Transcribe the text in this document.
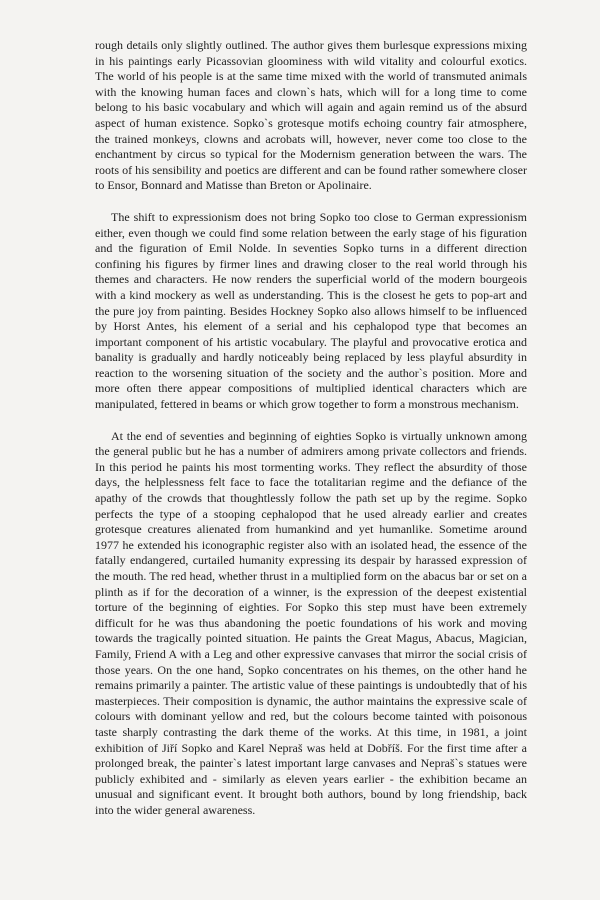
rough details only slightly outlined. The author gives them burlesque expressions mixing in his paintings early Picassovian gloominess with wild vitality and colourful exotics. The world of his people is at the same time mixed with the world of transmuted animals with the knowing human faces and clown`s hats, which will for a long time to come belong to his basic vocabulary and which will again and again remind us of the absurd aspect of human existence. Sopko`s grotesque motifs echoing country fair atmosphere, the trained monkeys, clowns and acrobats will, however, never come too close to the enchantment by circus so typical for the Modernism generation between the wars. The roots of his sensibility and poetics are different and can be found rather somewhere closer to Ensor, Bonnard and Matisse than Breton or Apolinaire.

The shift to expressionism does not bring Sopko too close to German expressionism either, even though we could find some relation between the early stage of his figuration and the figuration of Emil Nolde. In seventies Sopko turns in a different direction confining his figures by firmer lines and drawing closer to the real world through his themes and characters. He now renders the superficial world of the modern bourgeois with a kind mockery as well as understanding. This is the closest he gets to pop-art and the pure joy from painting. Besides Hockney Sopko also allows himself to be influenced by Horst Antes, his element of a serial and his cephalopod type that becomes an important component of his artistic vocabulary. The playful and provocative erotica and banality is gradually and hardly noticeably being replaced by less playful absurdity in reaction to the worsening situation of the society and the author`s position. More and more often there appear compositions of multiplied identical characters which are manipulated, fettered in beams or which grow together to form a monstrous mechanism.

At the end of seventies and beginning of eighties Sopko is virtually unknown among the general public but he has a number of admirers among private collectors and friends. In this period he paints his most tormenting works. They reflect the absurdity of those days, the helplessness felt face to face the totalitarian regime and the defiance of the apathy of the crowds that thoughtlessly follow the path set up by the regime. Sopko perfects the type of a stooping cephalopod that he used already earlier and creates grotesque creatures alienated from humankind and yet humanlike. Sometime around 1977 he extended his iconographic register also with an isolated head, the essence of the fatally endangered, curtailed humanity expressing its despair by harassed expression of the mouth. The red head, whether thrust in a multiplied form on the abacus bar or set on a plinth as if for the decoration of a winner, is the expression of the deepest existential torture of the beginning of eighties. For Sopko this step must have been extremely difficult for he was thus abandoning the poetic foundations of his work and moving towards the tragically pointed situation. He paints the Great Magus, Abacus, Magician, Family, Friend A with a Leg and other expressive canvases that mirror the social crisis of those years. On the one hand, Sopko concentrates on his themes, on the other hand he remains primarily a painter. The artistic value of these paintings is undoubtedly that of his masterpieces. Their composition is dynamic, the author maintains the expressive scale of colours with dominant yellow and red, but the colours become tainted with poisonous taste sharply contrasting the dark theme of the works. At this time, in 1981, a joint exhibition of Jiří Sopko and Karel Nepraš was held at Dobříš. For the first time after a prolonged break, the painter`s latest important large canvases and Nepraš`s statues were publicly exhibited and - similarly as eleven years earlier - the exhibition became an unusual and significant event. It brought both authors, bound by long friendship, back into the wider general awareness.
